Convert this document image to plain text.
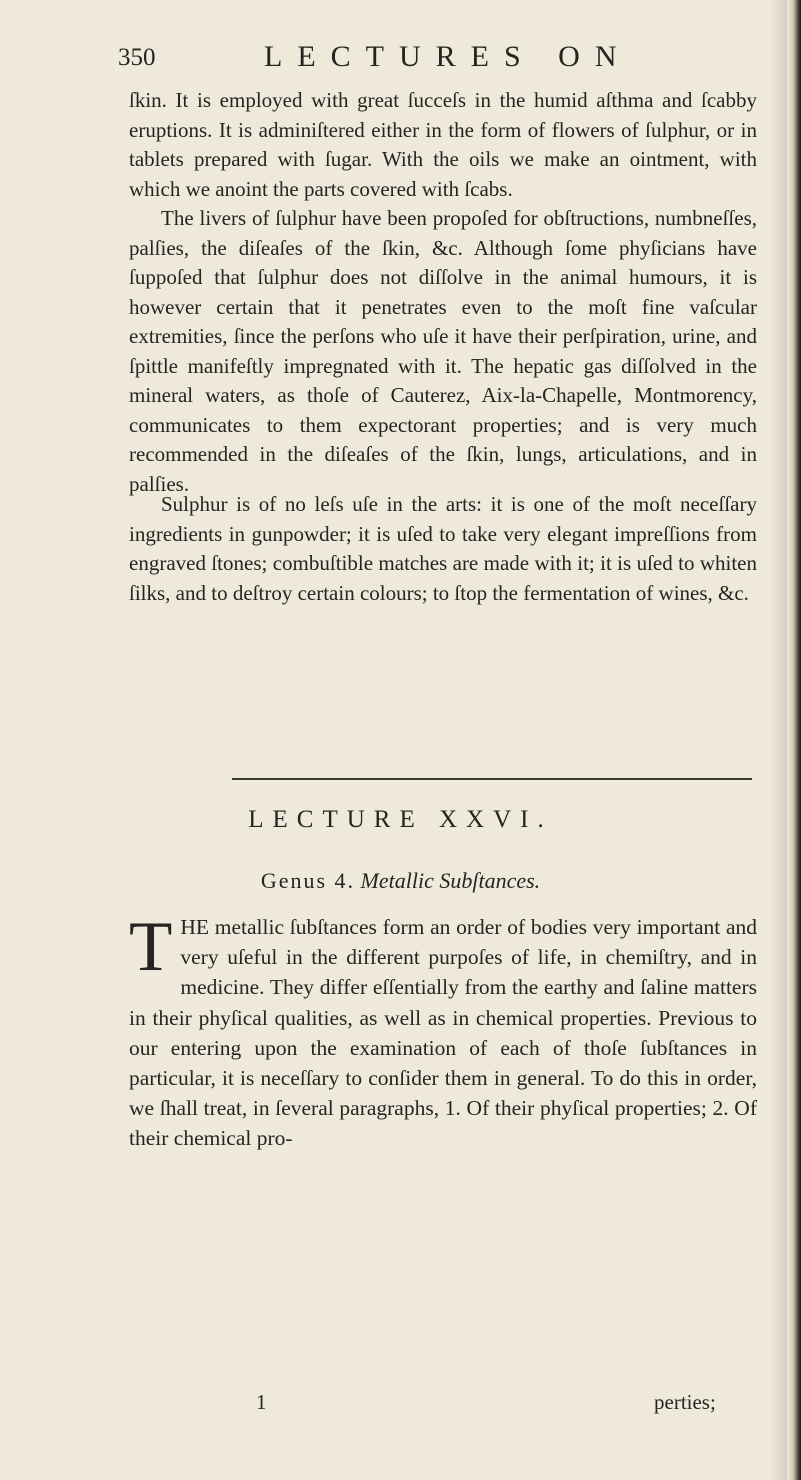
350	LECTURES ON

ſkin. It is employed with great ſucceſs in the humid aſthma and ſcabby eruptions. It is adminiſtered either in the form of flowers of ſulphur, or in tablets prepared with ſugar. With the oils we make an ointment, with which we anoint the parts covered with ſcabs.

The livers of ſulphur have been propoſed for obſtructions, numbneſſes, palſies, the diſeaſes of the ſkin, &c. Although ſome phyſicians have ſuppoſed that ſulphur does not diſſolve in the animal humours, it is however certain that it penetrates even to the moſt fine vaſcular extremities, ſince the perſons who uſe it have their perſpiration, urine, and ſpittle manifeſtly impregnated with it. The hepatic gas diſſolved in the mineral waters, as thoſe of Cauterez, Aix-la-Chapelle, Montmorency, communicates to them expectorant properties; and is very much recommended in the diſeaſes of the ſkin, lungs, articulations, and in palſies.

Sulphur is of no leſs uſe in the arts: it is one of the moſt neceſſary ingredients in gunpowder; it is uſed to take very elegant impreſſions from engraved ſtones; combuſtible matches are made with it; it is uſed to whiten ſilks, and to deſtroy certain colours; to ſtop the fermentation of wines, &c.

LECTURE XXVI.
Genus 4. Metallic Subſtances.

THE metallic ſubſtances form an order of bodies very important and very uſeful in the different purpoſes of life, in chemiſtry, and in medicine. They differ eſſentially from the earthy and ſaline matters in their phyſical qualities, as well as in chemical properties. Previous to our entering upon the examination of each of thoſe ſubſtances in particular, it is neceſſary to conſider them in general. To do this in order, we ſhall treat, in ſeveral paragraphs, 1. Of their phyſical properties; 2. Of their chemical pro-

1	perties;
